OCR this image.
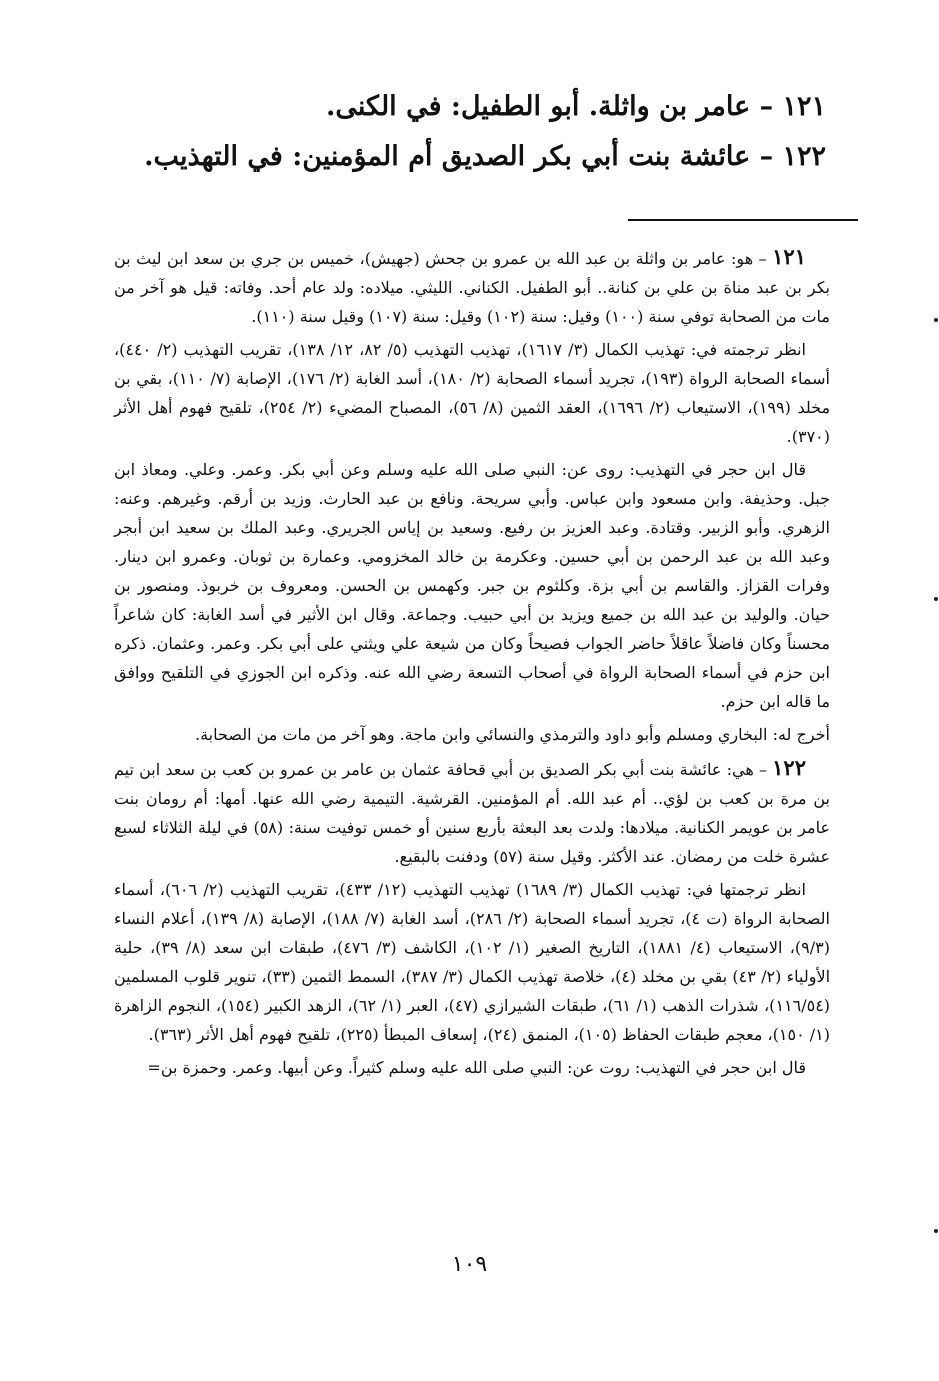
١٢١ – عامر بن واثلة. أبو الطفيل: في الكنى.

١٢٢ – عائشة بنت أبي بكر الصديق أم المؤمنين: في التهذيب.

١٢١ – هو: عامر بن واثلة بن عبد الله بن عمرو بن جحش (جهيش)، خميس بن جري بن سعد ابن ليث بن بكر بن عبد مناة بن علي بن كنانة.. أبو الطفيل. الكناني. الليثي. ميلاده: ولد عام أحد. وفاته: قيل هو آخر من مات من الصحابة توفي سنة (١٠٠) وقيل: سنة (١٠٢) وقيل: سنة (١٠٧) وقيل سنة (١١٠).

انظر ترجمته في: تهذيب الكمال (٣/ ١٦١٧)، تهذيب التهذيب (٥/ ٨٢، ١٢/ ١٣٨)، تقريب التهذيب (٢/ ٤٤٠)، أسماء الصحابة الرواة (١٩٣)، تجريد أسماء الصحابة (٢/ ١٨٠)، أسد الغابة (٢/ ١٧٦)، الإصابة (٧/ ١١٠)، بقي بن مخلد (١٩٩)، الاستيعاب (٢/ ١٦٩٦)، العقد الثمين (٨/ ٥٦)، المصباح المضيء (٢/ ٢٥٤)، تلقيح فهوم أهل الأثر (٣٧٠).

قال ابن حجر في التهذيب: روى عن: النبي صلى الله عليه وسلم وعن أبي بكر. وعمر. وعلي. ومعاذ ابن جبل. وحذيفة. وابن مسعود وابن عباس. وأبي سريحة. ونافع بن عبد الحارث. وزيد بن أرقم. وغيرهم. وعنه: الزهري. وأبو الزبير. وقتادة. وعبد العزيز بن رفيع. وسعيد بن إياس الجريري. وعبد الملك بن سعيد ابن أبجر وعبد الله بن عبد الرحمن بن أبي حسين. وعكرمة بن خالد المخزومي. وعمارة بن ثوبان. وعمرو ابن دينار. وفرات القزاز. والقاسم بن أبي بزة. وكلثوم بن جبر. وكهمس بن الحسن. ومعروف بن خربوذ. ومنصور بن حيان. والوليد بن عبد الله بن جميع ويزيد بن أبي حبيب. وجماعة. وقال ابن الأثير في أسد الغابة: كان شاعراً محسناً وكان فاضلاً عاقلاً حاضر الجواب فصيحاً وكان من شيعة علي ويثني على أبي بكر. وعمر. وعثمان. ذكره ابن حزم في أسماء الصحابة الرواة في أصحاب التسعة رضي الله عنه. وذكره ابن الجوزي في التلقيح ووافق ما قاله ابن حزم.

أخرج له: البخاري ومسلم وأبو داود والترمذي والنسائي وابن ماجة. وهو آخر من مات من الصحابة.

١٢٢ – هي: عائشة بنت أبي بكر الصديق بن أبي قحافة عثمان بن عامر بن عمرو بن كعب بن سعد ابن تيم بن مرة بن كعب بن لؤي.. أم عبد الله. أم المؤمنين. القرشية. التيمية رضي الله عنها. أمها: أم رومان بنت عامر بن عويمر الكنانية. ميلادها: ولدت بعد البعثة بأربع سنين أو خمس توفيت سنة: (٥٨) في ليلة الثلاثاء لسبع عشرة خلت من رمضان. عند الأكثر. وقيل سنة (٥٧) ودفنت بالبقيع.

انظر ترجمتها في: تهذيب الكمال (٣/ ١٦٨٩) تهذيب التهذيب (١٢/ ٤٣٣)، تقريب التهذيب (٢/ ٦٠٦)، أسماء الصحابة الرواة (ت ٤)، تجريد أسماء الصحابة (٢/ ٢٨٦)، أسد الغابة (٧/ ١٨٨)، الإصابة (٨/ ١٣٩)، أعلام النساء (٩/٣)، الاستيعاب (٤/ ١٨٨١)، التاريخ الصغير (١/ ١٠٢)، الكاشف (٣/ ٤٧٦)، طبقات ابن سعد (٨/ ٣٩)، حلية الأولياء (٢/ ٤٣) بقي بن مخلد (٤)، خلاصة تهذيب الكمال (٣/ ٣٨٧)، السمط الثمين (٣٣)، تنوير قلوب المسلمين (١١٦/٥٤)، شذرات الذهب (١/ ٦١)، طبقات الشيرازي (٤٧)، العبر (١/ ٦٢)، الزهد الكبير (١٥٤)، النجوم الزاهرة (١/ ١٥٠)، معجم طبقات الحفاظ (١٠٥)، المنمق (٢٤)، إسعاف المبطأ (٢٢٥)، تلقيح فهوم أهل الأثر (٣٦٣).

قال ابن حجر في التهذيب: روت عن: النبي صلى الله عليه وسلم كثيراً. وعن أبيها. وعمر. وحمزة بن=

١٠٩
